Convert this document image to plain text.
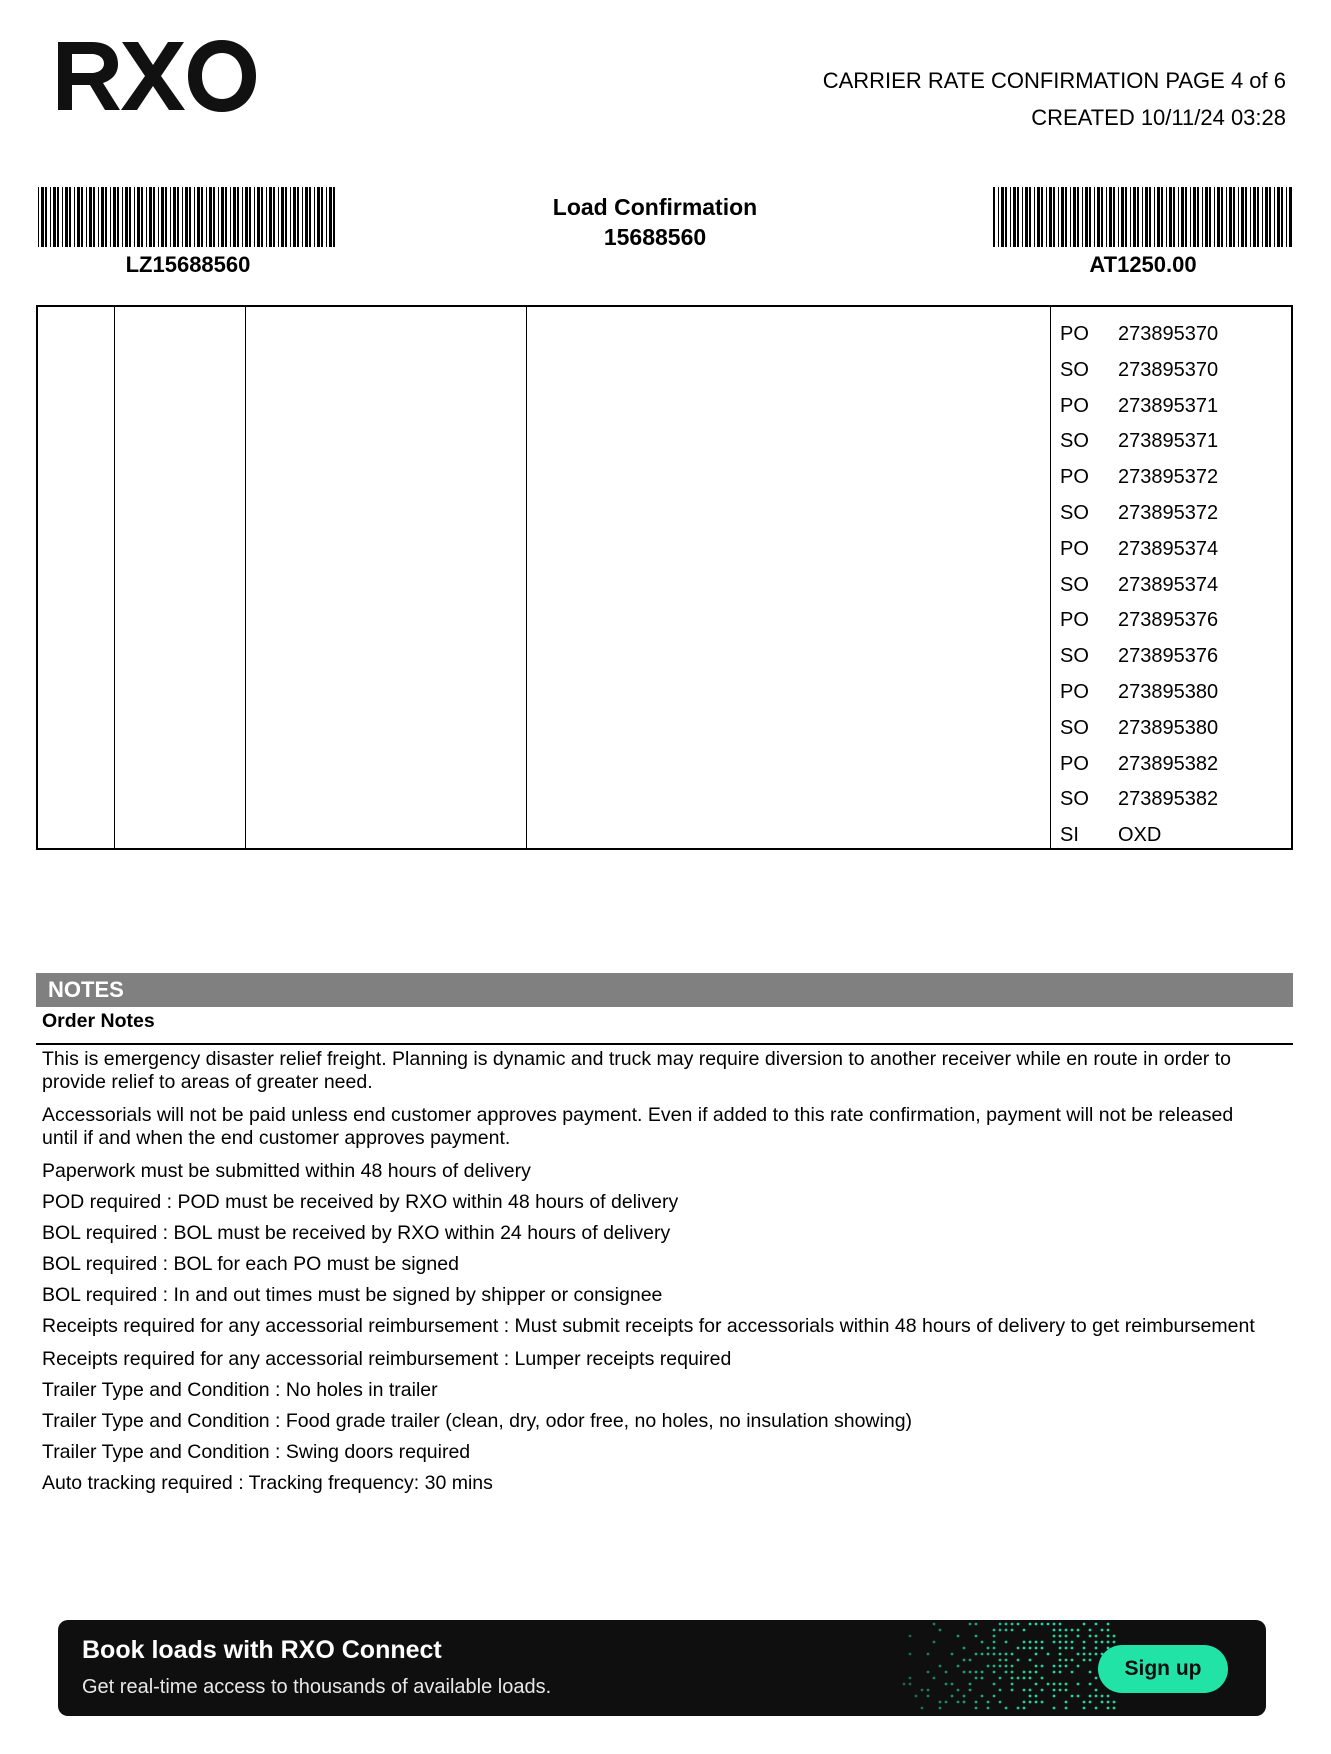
CARRIER RATE CONFIRMATION PAGE 4 of 6
CREATED 10/11/24 03:28
LZ15688560
Load Confirmation
15688560
AT1250.00
PO	273895370
SO	273895370
PO	273895371
SO	273895371
PO	273895372
SO	273895372
PO	273895374
SO	273895374
PO	273895376
SO	273895376
PO	273895380
SO	273895380
PO	273895382
SO	273895382
SI	OXD
NOTES
Order Notes
This is emergency disaster relief freight. Planning is dynamic and truck may require diversion to another receiver while en route in order to provide relief to areas of greater need.
Accessorials will not be paid unless end customer approves payment. Even if added to this rate confirmation, payment will not be released until if and when the end customer approves payment.
Paperwork must be submitted within 48 hours of delivery
POD required : POD must be received by RXO within 48 hours of delivery
BOL required : BOL must be received by RXO within 24 hours of delivery
BOL required : BOL for each PO must be signed
BOL required : In and out times must be signed by shipper or consignee
Receipts required for any accessorial reimbursement : Must submit receipts for accessorials within 48 hours of delivery to get reimbursement
Receipts required for any accessorial reimbursement : Lumper receipts required
Trailer Type and Condition : No holes in trailer
Trailer Type and Condition : Food grade trailer (clean, dry, odor free, no holes, no insulation showing)
Trailer Type and Condition : Swing doors required
Auto tracking required : Tracking frequency: 30 mins
Book loads with RXO Connect
Get real-time access to thousands of available loads.
Sign up
